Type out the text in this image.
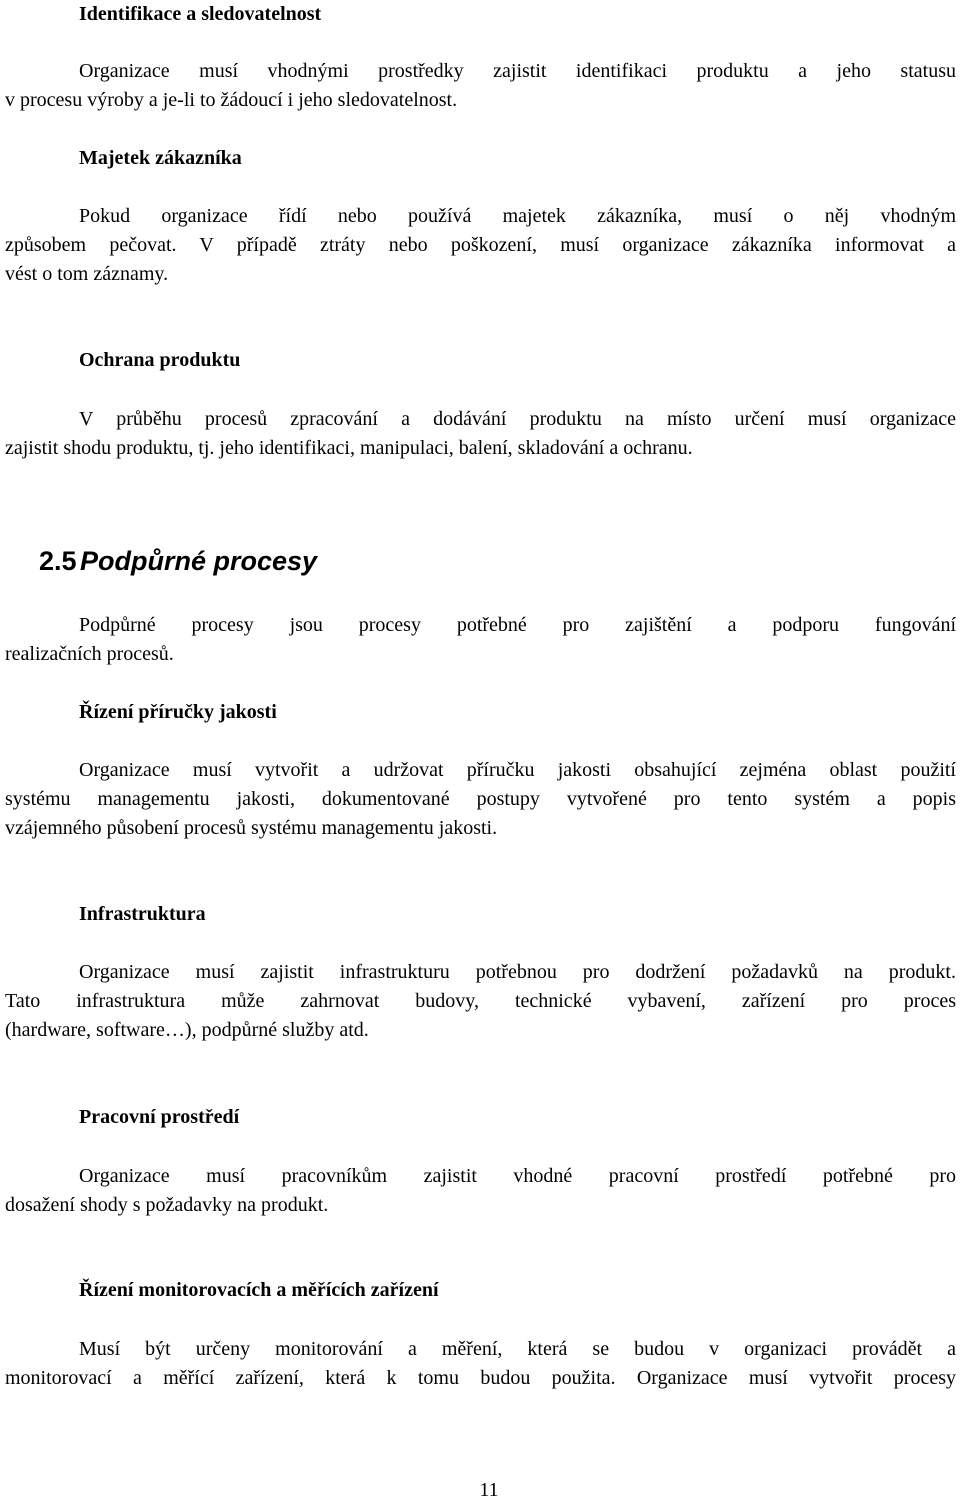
Identifikace a sledovatelnost

Organizace musí vhodnými prostředky zajistit identifikaci produktu a jeho statusu
v procesu výroby a je-li to žádoucí i jeho sledovatelnost.

Majetek zákazníka

Pokud organizace řídí nebo používá majetek zákazníka, musí o něj vhodným
způsobem pečovat. V případě ztráty nebo poškození, musí organizace zákazníka informovat a
vést o tom záznamy.

Ochrana produktu

V průběhu procesů zpracování a dodávání produktu na místo určení musí organizace
zajistit shodu produktu, tj. jeho identifikaci, manipulaci, balení, skladování a ochranu.

2.5 Podpůrné procesy

Podpůrné procesy jsou procesy potřebné pro zajištění a podporu fungování
realizačních procesů.

Řízení příručky jakosti

Organizace musí vytvořit a udržovat příručku jakosti obsahující zejména oblast použití
systému managementu jakosti, dokumentované postupy vytvořené pro tento systém a popis
vzájemného působení procesů systému managementu jakosti.

Infrastruktura

Organizace musí zajistit infrastrukturu potřebnou pro dodržení požadavků na produkt.
Tato infrastruktura může zahrnovat budovy, technické vybavení, zařízení pro proces
(hardware, software…), podpůrné služby atd.

Pracovní prostředí

Organizace musí pracovníkům zajistit vhodné pracovní prostředí potřebné pro
dosažení shody s požadavky na produkt.

Řízení monitorovacích a měřících zařízení

Musí být určeny monitorování a měření, která se budou v organizaci provádět a
monitorovací a měřící zařízení, která k tomu budou použita. Organizace musí vytvořit procesy

11
